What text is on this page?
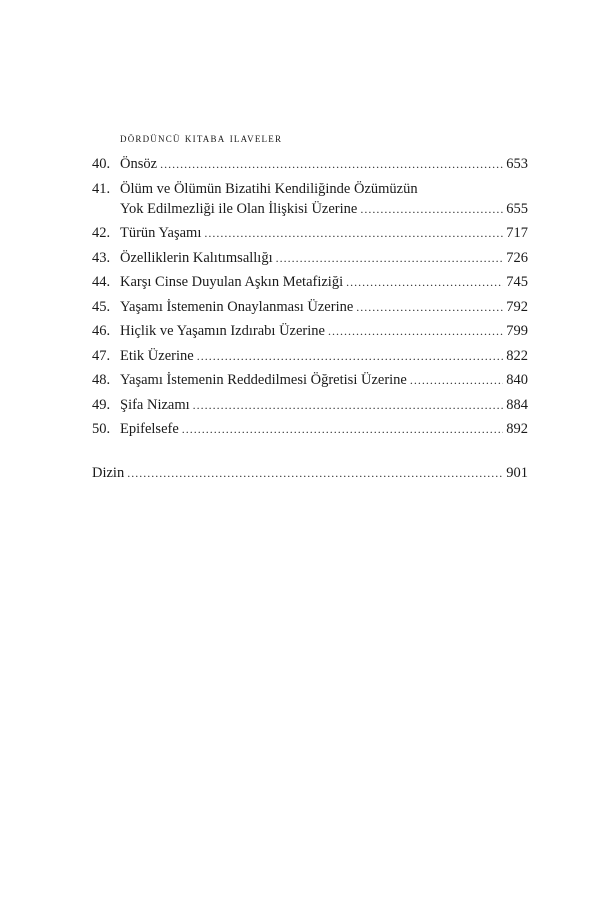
dördüncü kitaba ilaveler
40. Önsöz .....	653
41. Ölüm ve Ölümün Bizatihi Kendiliğinde Özümüzün
Yok Edilmezliği ile Olan İlişkisi Üzerine .....	655
42. Türün Yaşamı .....	717
43. Özelliklerin Kalıtımsallığı .....	726
44. Karşı Cinse Duyulan Aşkın Metafiziği .....	745
45. Yaşamı İstemenin Onaylanması Üzerine .....	792
46. Hiçlik ve Yaşamın Izdırabı Üzerine .....	799
47. Etik Üzerine .....	822
48. Yaşamı İstemenin Reddedilmesi Öğretisi Üzerine .....	840
49. Şifa Nizamı .....	884
50. Epifelsefe .....	892
Dizin .....	901
